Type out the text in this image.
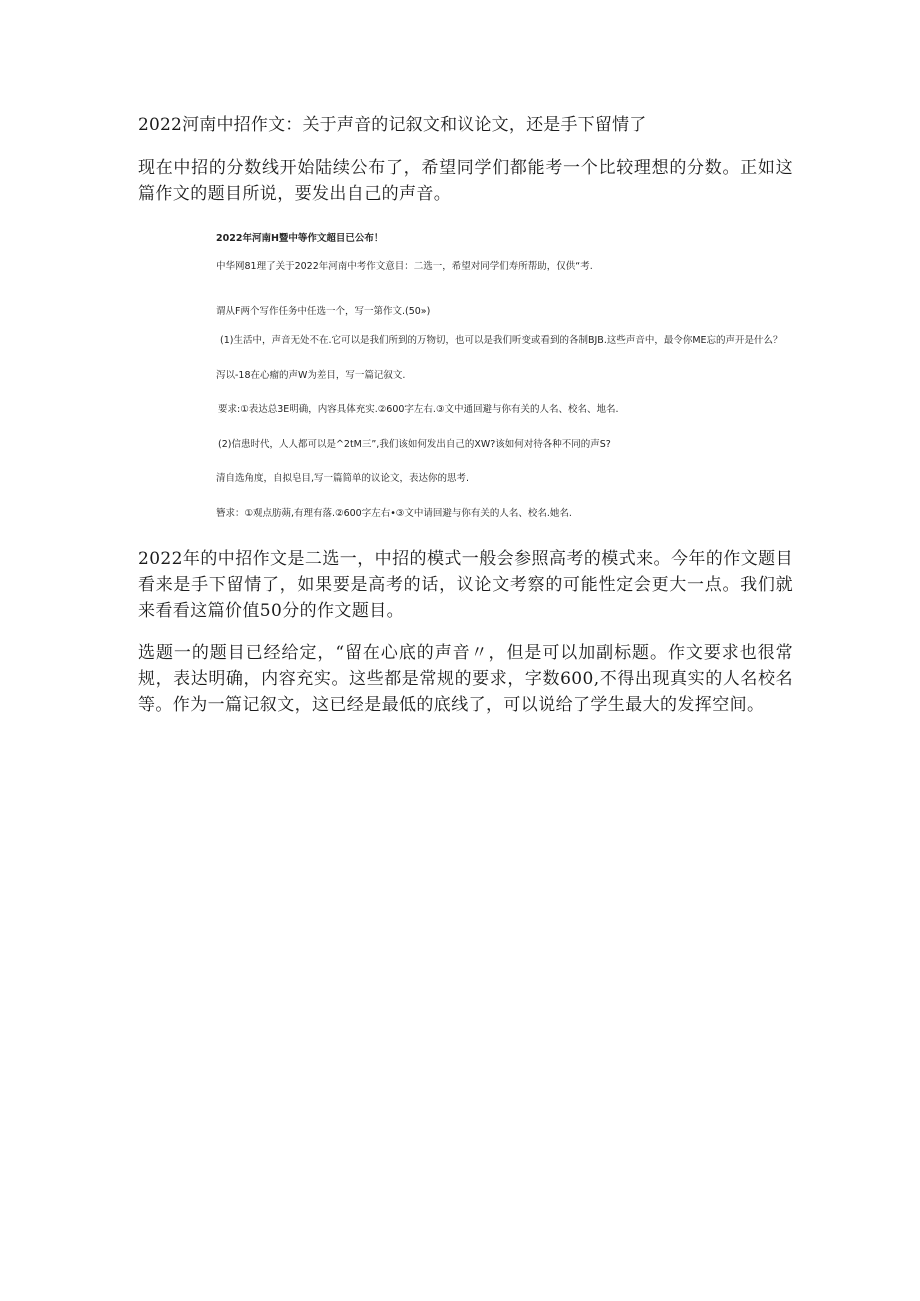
2022河南中招作文：关于声音的记叙文和议论文，还是手下留情了

现在中招的分数线开始陆续公布了，希望同学们都能考一个比较理想的分数。正如这篇作文的题目所说，要发出自己的声音。

2022年河南H暨中等作文超目已公布！
中华网81理了关于2022年河南中考作文意目：二选一，希望对同学们寿所帮助，仅供“考.
谓从F两个写作任务中任选一个，写一第作文.(50»)
(1)生活中，声音无处不在.它可以是我们所到的万物切，也可以是我们听变或看到的各制BJB.这些声音中，最令你ME忘的声开是什么？
泻以-18在心瘤的声W为差目，写一篇记叙文.
要求:①表达总3E明确，内容具体充实.②600字左右.③文中通回避与你有关的人名、校名、地名.
(2)信患时代，人人都可以是^2tM三”,我们该如何发出自己的XW?该如何对待各种不同的声S?
清自选角度，自拟皂目,写一篇简单的议论文，表达你的思考.
簪求：①观点肪蒴,有理有落.②600字左右•③文中请回避与你有关的人名、校名.她名.

2022年的中招作文是二选一，中招的模式一般会参照高考的模式来。今年的作文题目看来是手下留情了，如果要是高考的话，议论文考察的可能性定会更大一点。我们就来看看这篇价值50分的作文题目。

选题一的题目已经给定，“留在心底的声音〃，但是可以加副标题。作文要求也很常规，表达明确，内容充实。这些都是常规的要求，字数600,不得出现真实的人名校名等。作为一篇记叙文，这已经是最低的底线了，可以说给了学生最大的发挥空间。
